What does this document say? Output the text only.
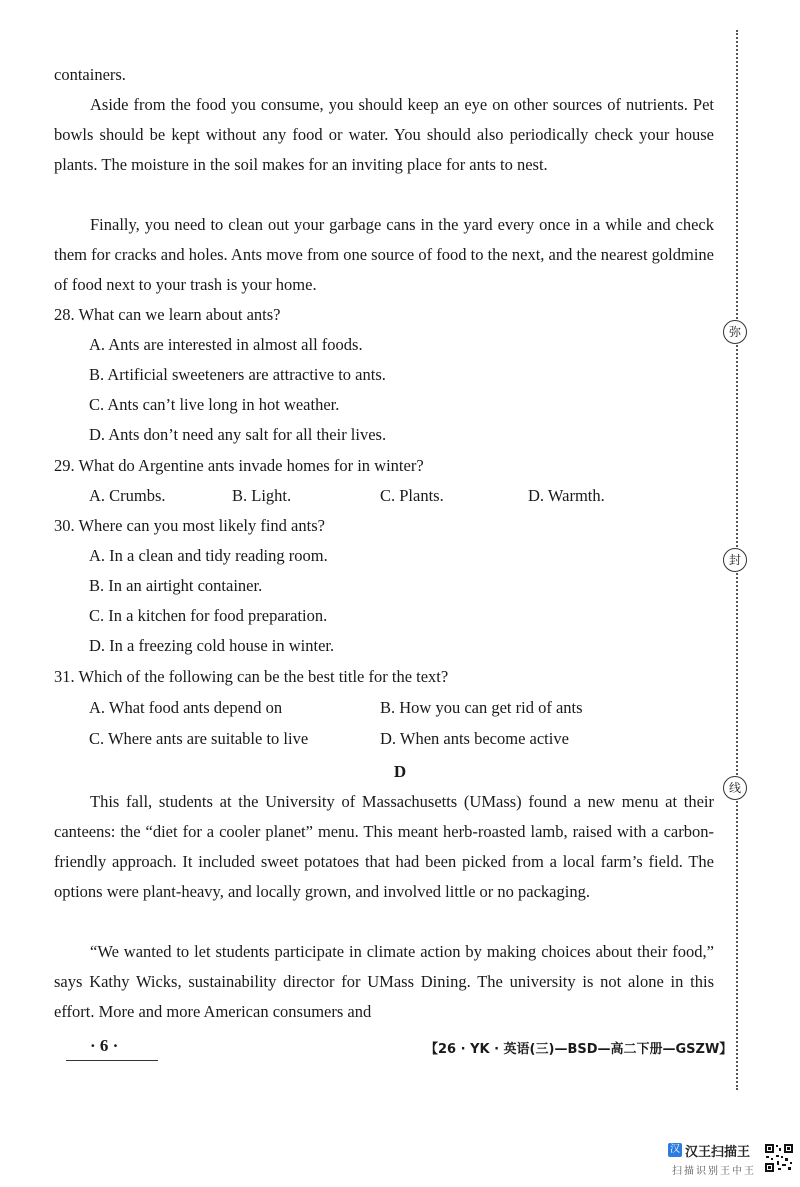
弥
封
线

containers.

Aside from the food you consume, you should keep an eye on other sources of nutrients. Pet bowls should be kept without any food or water. You should also periodically check your house plants. The moisture in the soil makes for an inviting place for ants to nest.

Finally, you need to clean out your garbage cans in the yard every once in a while and check them for cracks and holes. Ants move from one source of food to the next, and the nearest goldmine of food next to your trash is your home.

28. What can we learn about ants?
A. Ants are interested in almost all foods.
B. Artificial sweeteners are attractive to ants.
C. Ants can’t live long in hot weather.
D. Ants don’t need any salt for all their lives.
29. What do Argentine ants invade homes for in winter?
A. Crumbs.	B. Light.	C. Plants.	D. Warmth.
30. Where can you most likely find ants?
A. In a clean and tidy reading room.
B. In an airtight container.
C. In a kitchen for food preparation.
D. In a freezing cold house in winter.
31. Which of the following can be the best title for the text?
A. What food ants depend on	B. How you can get rid of ants
C. Where ants are suitable to live	D. When ants become active
D

This fall, students at the University of Massachusetts (UMass) found a new menu at their canteens: the “diet for a cooler planet” menu. This meant herb-roasted lamb, raised with a carbon-friendly approach. It included sweet potatoes that had been picked from a local farm’s field. The options were plant-heavy, and locally grown, and involved little or no packaging.

“We wanted to let students participate in climate action by making choices about their food,” says Kathy Wicks, sustainability director for UMass Dining. The university is not alone in this effort. More and more American consumers and

· 6 ·	【26 · YK · 英语(三)—BSD—高二下册—GSZW】
汉 汉王扫描王
扫描识别王中王
